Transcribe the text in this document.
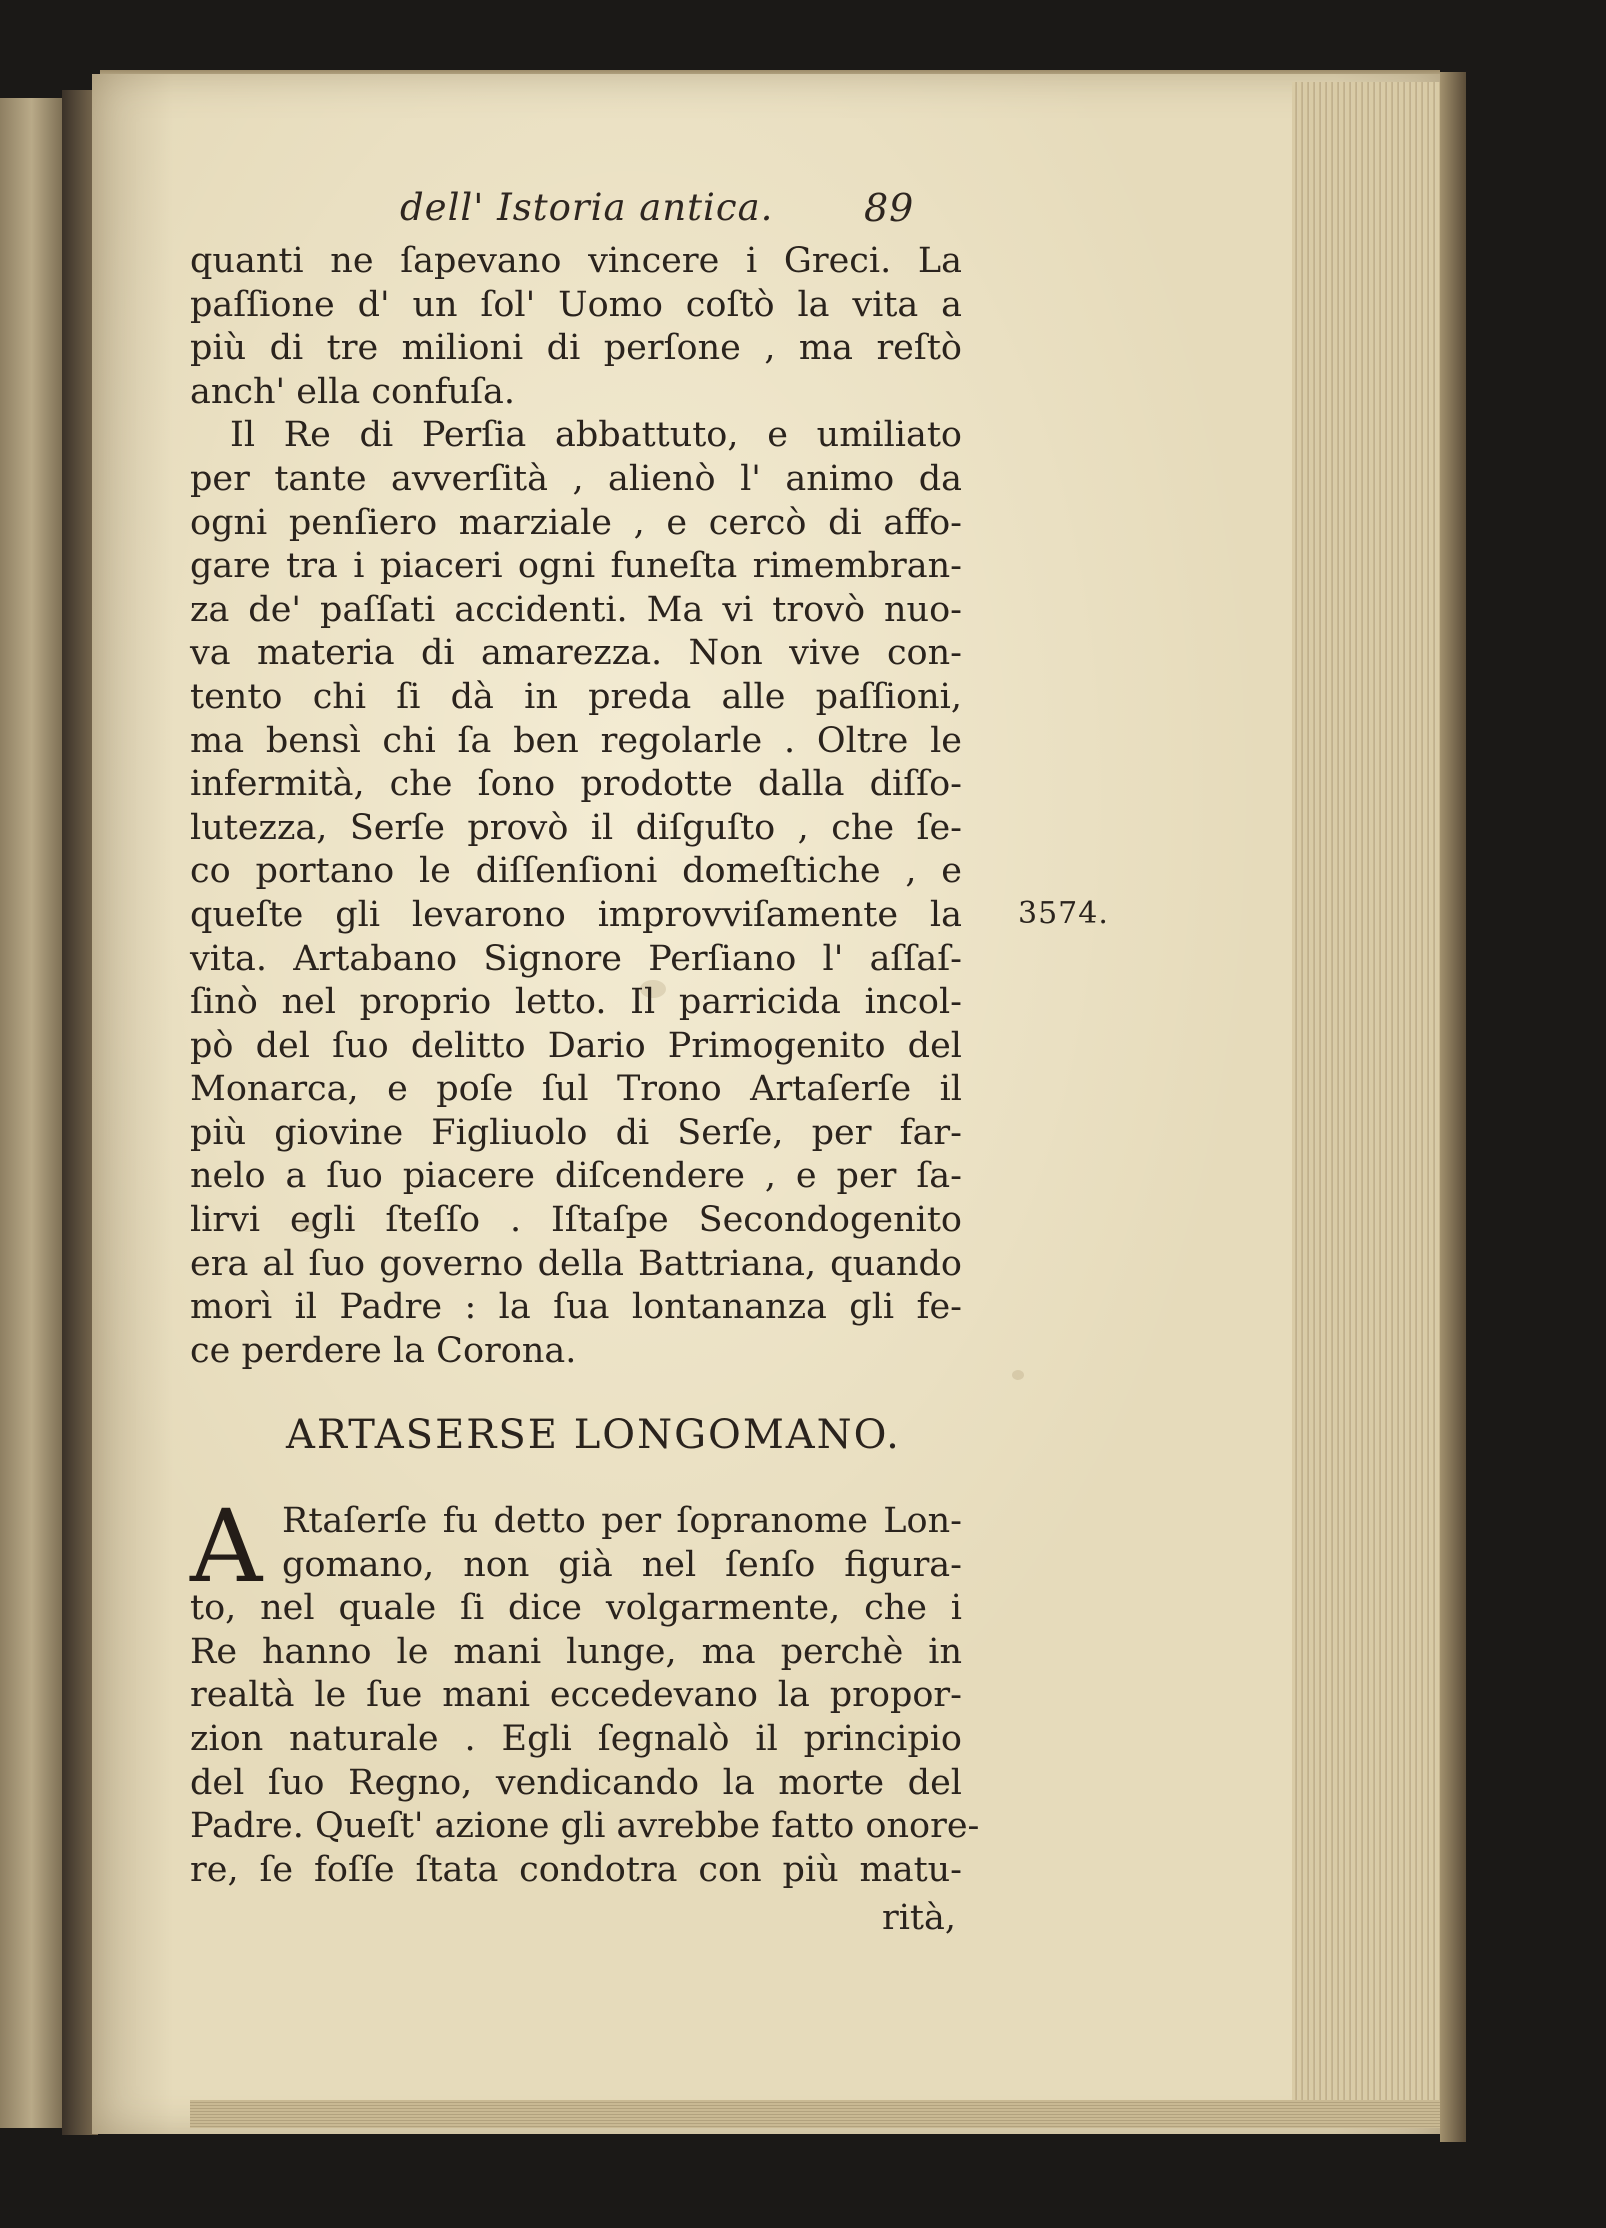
dell' Istoria antica. 89
quanti ne ſapevano vincere i Greci. La
paſſione d' un ſol' Uomo coſtò la vita a
più di tre milioni di perſone , ma reſtò
anch' ella confuſa.
Il Re di Perſia abbattuto, e umiliato
per tante avverſità , alienò l' animo da
ogni penſiero marziale , e cercò di affo-
gare tra i piaceri ogni funeſta rimembran-
za de' paſſati accidenti. Ma vi trovò nuo-
va materia di amarezza. Non vive con-
tento chi ſi dà in preda alle paſſioni,
ma bensì chi ſa ben regolarle . Oltre le
infermità, che ſono prodotte dalla diſſo-
lutezza, Serſe provò il diſguſto , che ſe-
co portano le diſſenſioni domeſtiche , e
queſte gli levarono improvviſamente la
vita. Artabano Signore Perſiano l' aſſaſ-
ſinò nel proprio letto. Il parricida incol-
pò del ſuo delitto Dario Primogenito del
Monarca, e poſe ſul Trono Artaſerſe il
più giovine Figliuolo di Serſe, per far-
nelo a ſuo piacere diſcendere , e per ſa-
lirvi egli ſteſſo . Iſtaſpe Secondogenito
era al ſuo governo della Battriana, quando
morì il Padre : la ſua lontananza gli fe-
ce perdere la Corona.
3574.
ARTASERSE LONGOMANO.
A Rtaſerſe fu detto per ſopranome Lon-
gomano, non già nel ſenſo figura-
to, nel quale ſi dice volgarmente, che i
Re hanno le mani lunge, ma perchè in
realtà le ſue mani eccedevano la propor-
zion naturale . Egli ſegnalò il principio
del ſuo Regno, vendicando la morte del
Padre. Queſt' azione gli avrebbe fatto onore-
re, ſe foſſe ſtata condotra con più matu-
rità,
